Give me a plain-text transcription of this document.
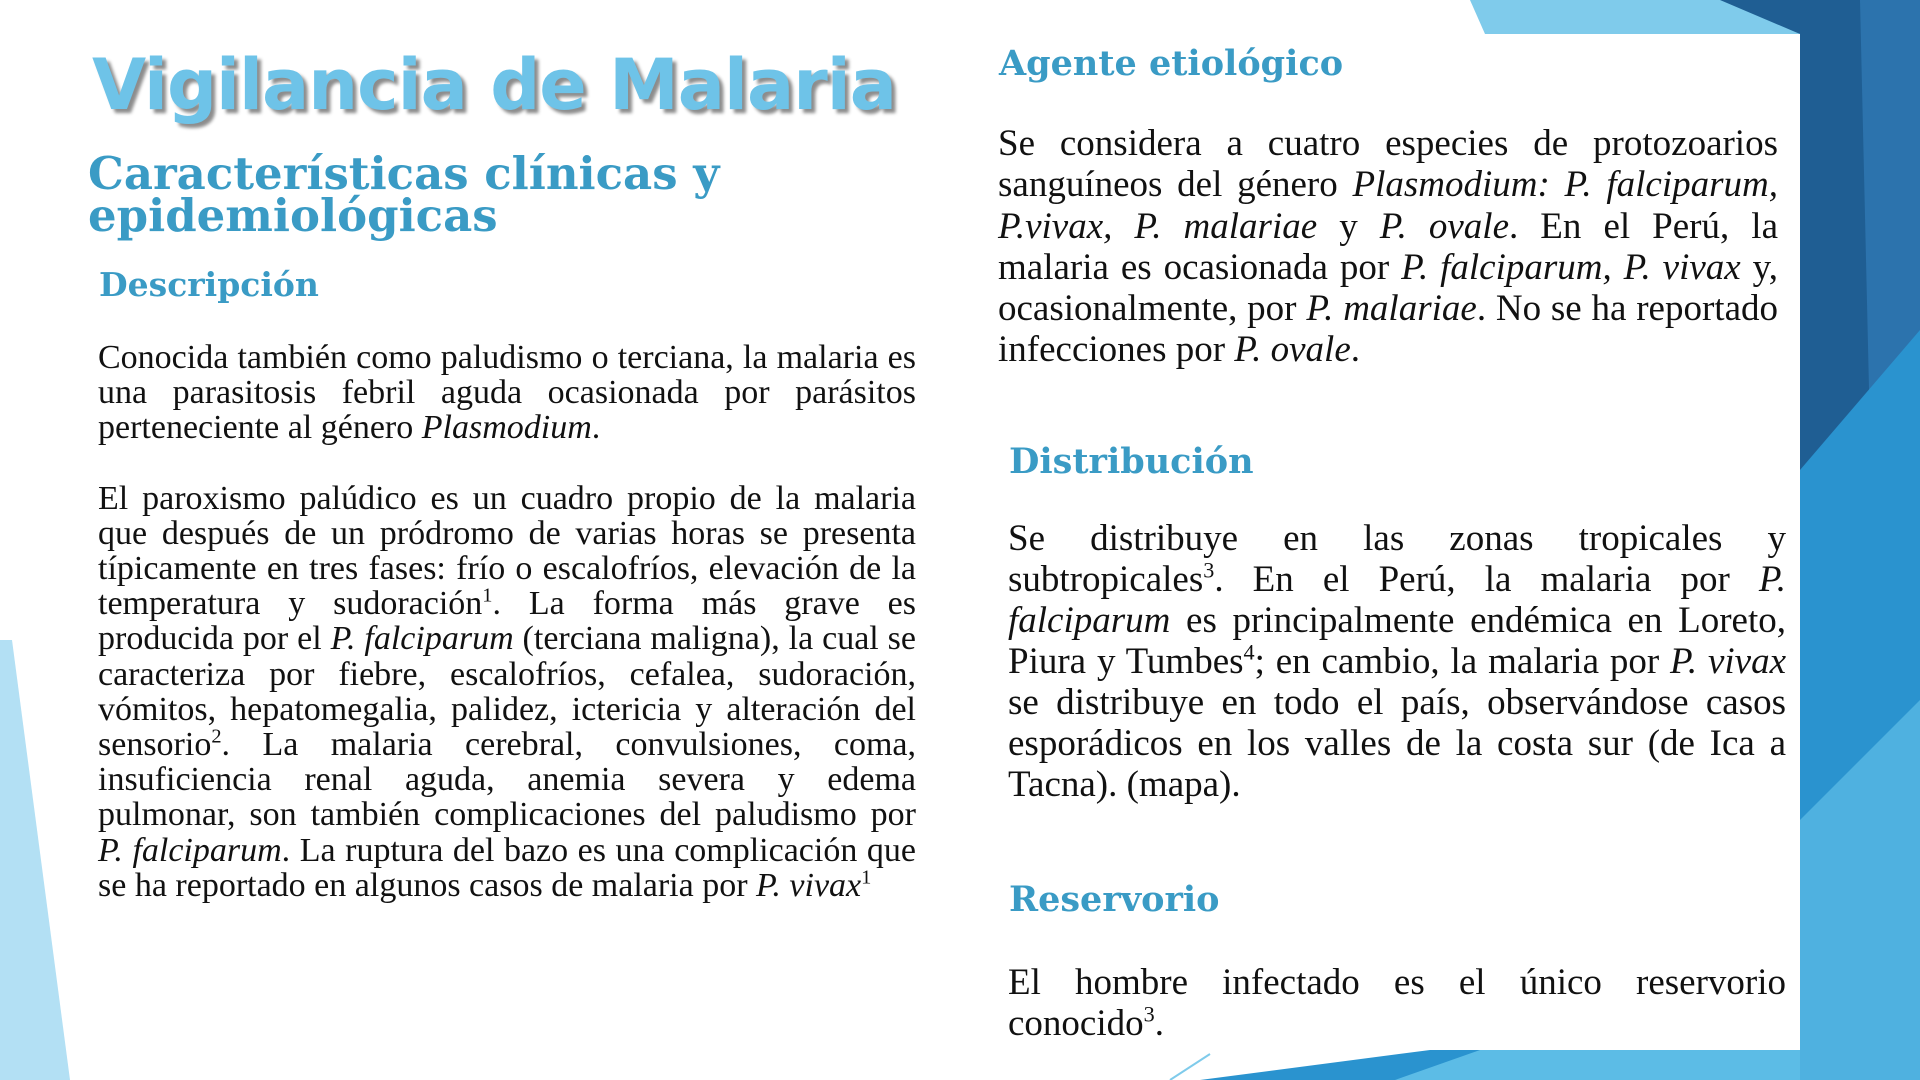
Vigilancia de Malaria
Características clínicas y epidemiológicas
Descripción

Conocida también como paludismo o terciana, la malaria es una parasitosis febril aguda ocasionada por parásitos perteneciente al género Plasmodium.

El paroxismo palúdico es un cuadro propio de la malaria que después de un pródromo de varias horas se presenta típicamente en tres fases: frío o escalofríos, elevación de la temperatura y sudoración$^1$. La forma más grave es producida por el P. falciparum (terciana maligna), la cual se caracteriza por fiebre, escalofríos, cefalea, sudoración, vómitos, hepatomegalia, palidez, ictericia y alteración del sensorio$^2$. La malaria cerebral, convulsiones, coma, insuficiencia renal aguda, anemia severa y edema pulmonar, son también complicaciones del paludismo por P. falciparum. La ruptura del bazo es una complicación que se ha reportado en algunos casos de malaria por P. vivax$^1$

Agente etiológico

Se considera a cuatro especies de protozoarios sanguíneos del género Plasmodium: P. falciparum, P.vivax, P. malariae y P. ovale. En el Perú, la malaria es ocasionada por P. falciparum, P. vivax y, ocasionalmente, por P. malariae. No se ha reportado infecciones por P. ovale.

Distribución

Se distribuye en las zonas tropicales y subtropicales$^3$. En el Perú, la malaria por P. falciparum es principalmente endémica en Loreto, Piura y Tumbes$^4$; en cambio, la malaria por P. vivax se distribuye en todo el país, observándose casos esporádicos en los valles de la costa sur (de Ica a Tacna). (mapa).

Reservorio

El hombre infectado es el único reservorio conocido$^3$.
